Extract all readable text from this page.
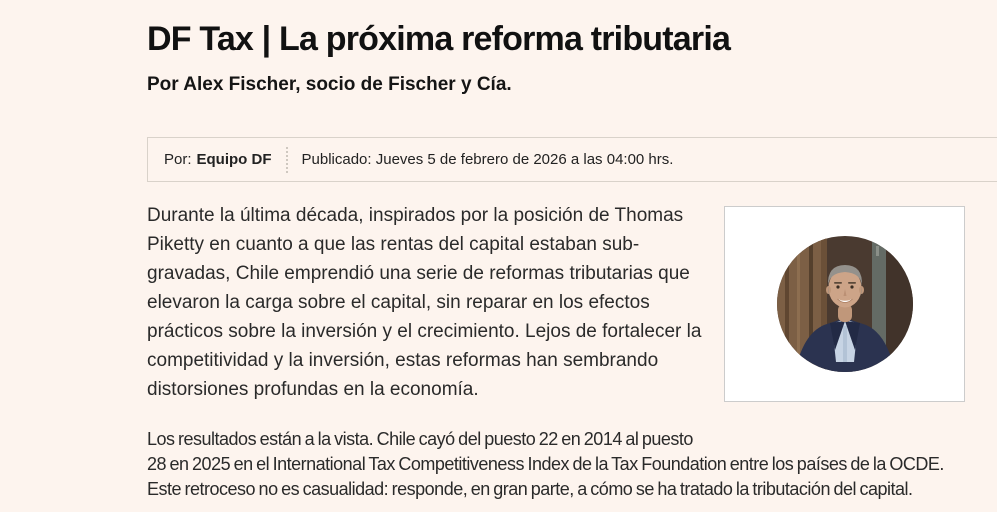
DF Tax | La próxima reforma tributaria
Por Alex Fischer, socio de Fischer y Cía.
Por: Equipo DF Publicado: Jueves 5 de febrero de 2026 a las 04:00 hrs.

Durante la última década, inspirados por la posición de Thomas Piketty en cuanto a que las rentas del capital estaban sub-gravadas, Chile emprendió una serie de reformas tributarias que elevaron la carga sobre el capital, sin reparar en los efectos prácticos sobre la inversión y el crecimiento. Lejos de fortalecer la competitividad y la inversión, estas reformas han sembrando distorsiones profundas en la economía.

Los resultados están a la vista. Chile cayó del puesto 22 en 2014 al puesto 28 en 2025 en el International Tax Competitiveness Index de la Tax Foundation entre los países de la OCDE. Este retroceso no es casualidad: responde, en gran parte, a cómo se ha tratado la tributación del capital.
